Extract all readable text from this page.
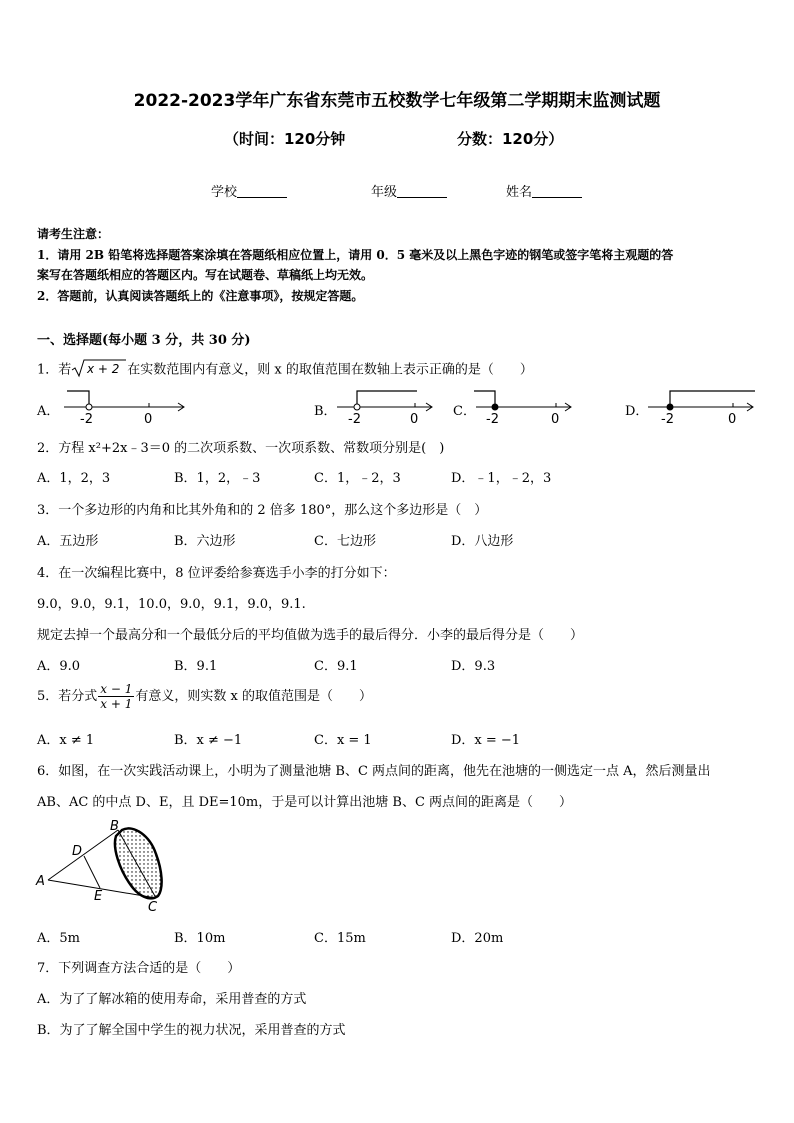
2022-2023学年广东省东莞市五校数学七年级第二学期期末监测试题
（时间：120分钟	分数：120分）
学校	年级	姓名
请考生注意：
1．请用 2B 铅笔将选择题答案涂填在答题纸相应位置上，请用 0．5 毫米及以上黑色字迹的钢笔或签字笔将主观题的答
案写在答题纸相应的答题区内。写在试题卷、草稿纸上均无效。
2．答题前，认真阅读答题纸上的《注意事项》，按规定答题。
一、选择题(每小题 3 分，共 30 分)
1．若 x + 2 在实数范围内有意义，则 x 的取值范围在数轴上表示正确的是（　　）
A．
-2	0
B．
-2	0
C．
-2	0
D．
-2	0
2．方程 x²+2x﹣3＝0 的二次项系数、一次项系数、常数项分别是(　)
A．1，2，3	B．1，2，﹣3	C．1，﹣2，3	D．﹣1，﹣2，3
3．一个多边形的内角和比其外角和的 2 倍多 180°，那么这个多边形是（　）
A．五边形	B．六边形	C．七边形	D．八边形
4．在一次编程比赛中，8 位评委给参赛选手小李的打分如下：
9.0，9.0，9.1，10.0，9.0，9.1，9.0，9.1.
规定去掉一个最高分和一个最低分后的平均值做为选手的最后得分．小李的最后得分是（　　）
A．9.0	B．9.1	C．9.1	D．9.3
5．若分式 $\frac{x - 1}{x + 1}$ 有意义，则实数 x 的取值范围是（　　）
A．x ≠ 1	B．x ≠ −1	C．x = 1	D．x = −1
6．如图，在一次实践活动课上，小明为了测量池塘 B、C 两点间的距离，他先在池塘的一侧选定一点 A，然后测量出
AB、AC 的中点 D、E，且 DE=10m，于是可以计算出池塘 B、C 两点间的距离是（　　）
A
B
C
D
E
A．5m	B．10m	C．15m	D．20m
7．下列调查方法合适的是（　　）
A．为了了解冰箱的使用寿命，采用普查的方式
B．为了了解全国中学生的视力状况，采用普查的方式
